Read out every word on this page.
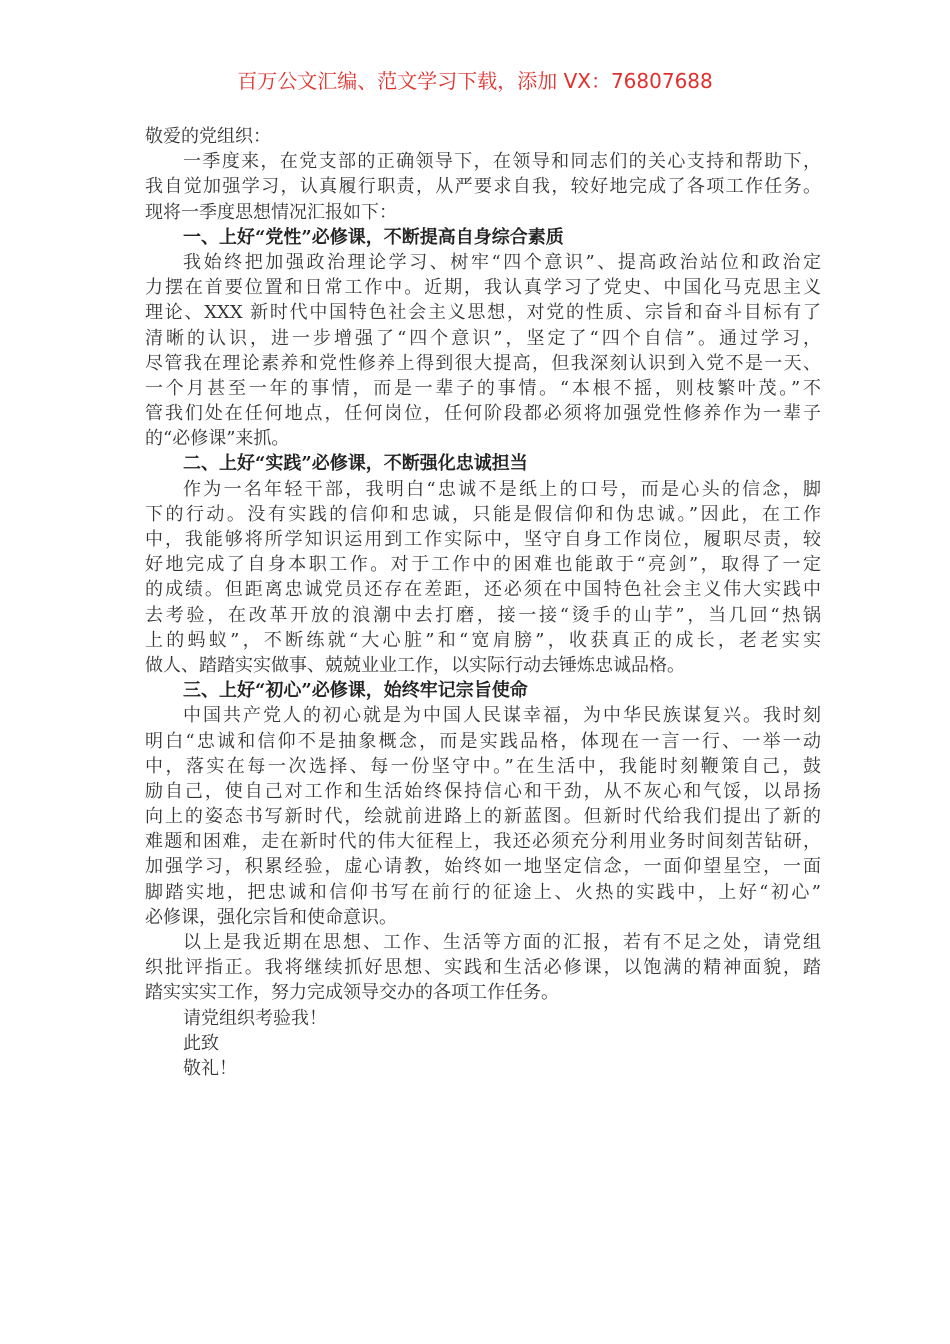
百万公文汇编、范文学习下载，添加 VX：76807688
敬爱的党组织：
一季度来，在党支部的正确领导下，在领导和同志们的关心支持和帮助下，
我自觉加强学习，认真履行职责，从严要求自我，较好地完成了各项工作任务。
现将一季度思想情况汇报如下：
一、上好“党性”必修课，不断提高自身综合素质
我始终把加强政治理论学习、树牢“四个意识”、提高政治站位和政治定
力摆在首要位置和日常工作中。近期，我认真学习了党史、中国化马克思主义
理论、XXX 新时代中国特色社会主义思想，对党的性质、宗旨和奋斗目标有了
清晰的认识，进一步增强了“四个意识”，坚定了“四个自信”。通过学习，
尽管我在理论素养和党性修养上得到很大提高，但我深刻认识到入党不是一天、
一个月甚至一年的事情，而是一辈子的事情。“本根不摇，则枝繁叶茂。”不
管我们处在任何地点，任何岗位，任何阶段都必须将加强党性修养作为一辈子
的“必修课”来抓。
二、上好“实践”必修课，不断强化忠诚担当
作为一名年轻干部，我明白“忠诚不是纸上的口号，而是心头的信念，脚
下的行动。没有实践的信仰和忠诚，只能是假信仰和伪忠诚。”因此，在工作
中，我能够将所学知识运用到工作实际中，坚守自身工作岗位，履职尽责，较
好地完成了自身本职工作。对于工作中的困难也能敢于“亮剑”，取得了一定
的成绩。但距离忠诚党员还存在差距，还必须在中国特色社会主义伟大实践中
去考验，在改革开放的浪潮中去打磨，接一接“烫手的山芋”，当几回“热锅
上的蚂蚁”，不断练就“大心脏”和“宽肩膀”，收获真正的成长，老老实实
做人、踏踏实实做事、兢兢业业工作，以实际行动去锤炼忠诚品格。
三、上好“初心”必修课，始终牢记宗旨使命
中国共产党人的初心就是为中国人民谋幸福，为中华民族谋复兴。我时刻
明白“忠诚和信仰不是抽象概念，而是实践品格，体现在一言一行、一举一动
中，落实在每一次选择、每一份坚守中。”在生活中，我能时刻鞭策自己，鼓
励自己，使自己对工作和生活始终保持信心和干劲，从不灰心和气馁，以昂扬
向上的姿态书写新时代，绘就前进路上的新蓝图。但新时代给我们提出了新的
难题和困难，走在新时代的伟大征程上，我还必须充分利用业务时间刻苦钻研，
加强学习，积累经验，虚心请教，始终如一地坚定信念，一面仰望星空，一面
脚踏实地，把忠诚和信仰书写在前行的征途上、火热的实践中，上好“初心”
必修课，强化宗旨和使命意识。
以上是我近期在思想、工作、生活等方面的汇报，若有不足之处，请党组
织批评指正。我将继续抓好思想、实践和生活必修课，以饱满的精神面貌，踏
踏实实实工作，努力完成领导交办的各项工作任务。
请党组织考验我！
此致
敬礼！
